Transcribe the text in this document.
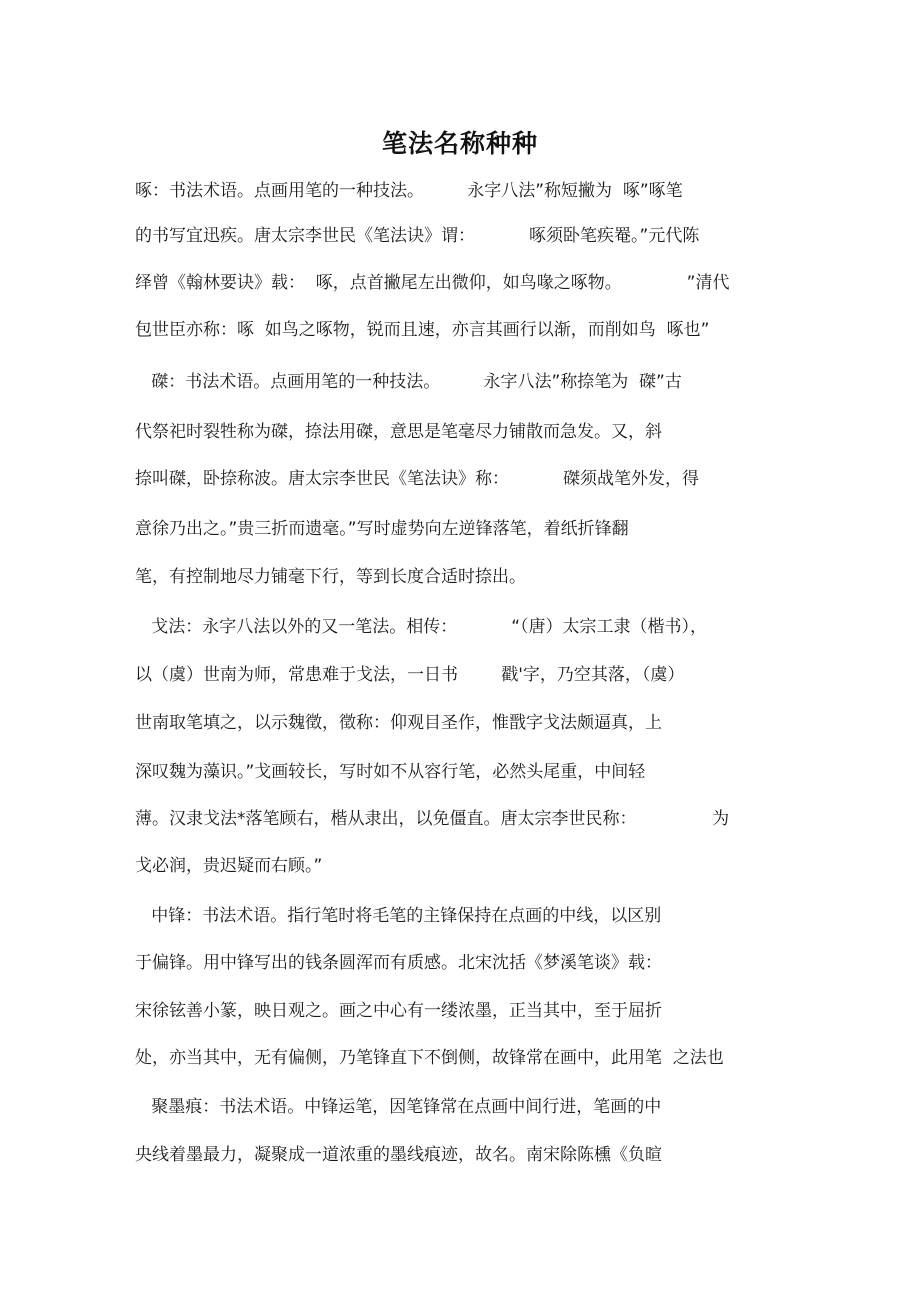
笔法名称种种
啄：书法术语。点画用笔的一种技法。        永字八法”称短撇为  啄”啄笔
的书写宜迅疾。唐太宗李世民《笔法诀》谓：          啄须卧笔疾罨。”元代陈
绎曾《翰林要诀》载：  啄，点首撇尾左出微仰，如鸟喙之啄物。            ”清代
包世臣亦称：啄  如鸟之啄物，锐而且速，亦言其画行以渐，而削如鸟  啄也”
磔：书法术语。点画用笔的一种技法。        永字八法”称捺笔为  磔”古
代祭祀时裂牲称为磔，捺法用磔，意思是笔毫尽力铺散而急发。又，斜
捺叫磔，卧捺称波。唐太宗李世民《笔法诀》称：          磔须战笔外发，得
意徐乃出之。”贵三折而遗毫。”写时虚势向左逆锋落笔，着纸折锋翻
笔，有控制地尽力铺毫下行，等到长度合适时捺出。
戈法：永字八法以外的又一笔法。相传：          “（唐）太宗工隶（楷书），
以（虞）世南为师，常患难于戈法，一日书        戳'字，乃空其落，（虞）
世南取笔填之，以示魏徵，徵称：仰观目圣作，惟戬字戈法颇逼真，上
深叹魏为藻识。”戈画较长，写时如不从容行笔，必然头尾重，中间轻
薄。汉隶戈法*落笔顾右，楷从隶出，以免僵直。唐太宗李世民称：              为
戈必润，贵迟疑而右顾。”
中锋：书法术语。指行笔时将毛笔的主锋保持在点画的中线，以区别
于偏锋。用中锋写出的钱条圆浑而有质感。北宋沈括《梦溪笔谈》载：
宋徐铉善小篆，映日观之。画之中心有一缕浓墨，正当其中，至于屈折
处，亦当其中，无有偏侧，乃笔锋直下不倒侧，故锋常在画中，此用笔  之法也
聚墨痕：书法术语。中锋运笔，因笔锋常在点画中间行进，笔画的中
央线着墨最力，凝聚成一道浓重的墨线痕迹，故名。南宋除陈櫄《负暄
